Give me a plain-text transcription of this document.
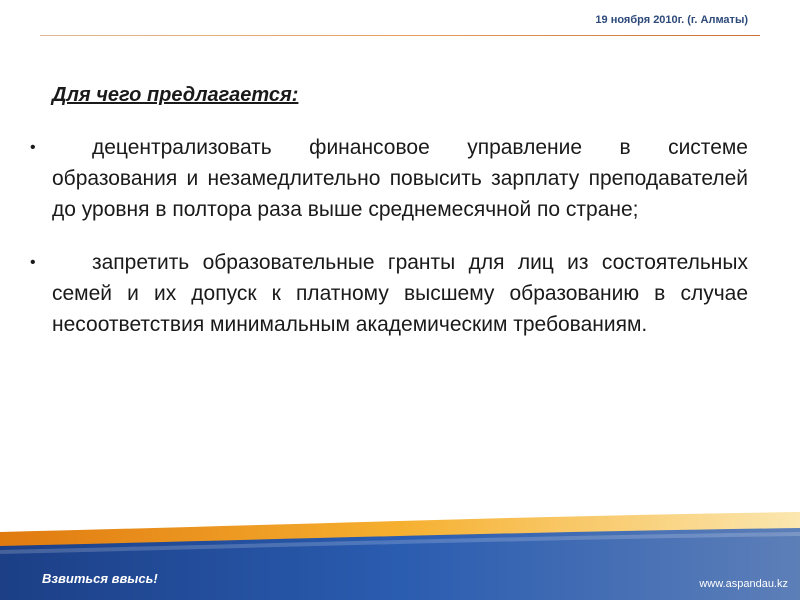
19 ноября 2010г. (г. Алматы)
Для чего предлагается:
•	децентрализовать финансовое управление в системе образования и незамедлительно повысить зарплату преподавателей до уровня в полтора раза выше среднемесячной по стране;
•	запретить образовательные гранты для лиц из состоятельных семей и их допуск к платному высшему образованию в случае несоответствия минимальным академическим требованиям.
Взвиться ввысь!	www.aspandau.kz
